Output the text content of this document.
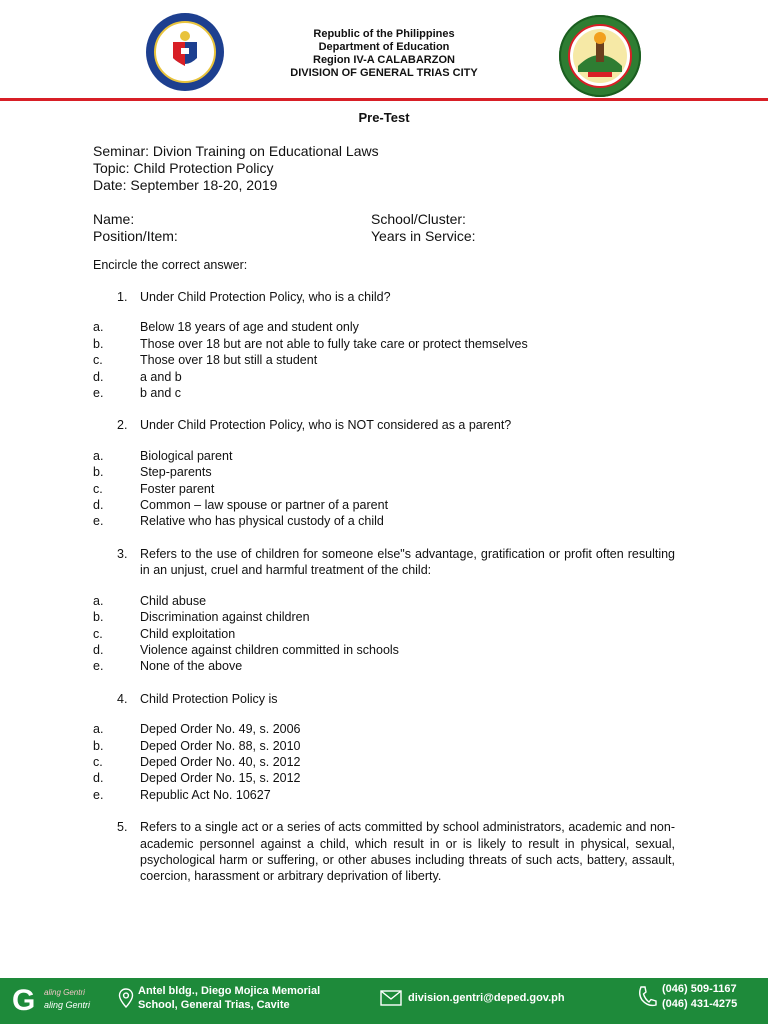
Republic of the Philippines
Department of Education
Region IV-A CALABARZON
DIVISION OF GENERAL TRIAS CITY
Pre-Test
Seminar: Divion Training on Educational Laws
Topic: Child Protection Policy
Date: September 18-20, 2019
Name:
Position/Item:
School/Cluster:
Years in Service:
Encircle the correct answer:
1. Under Child Protection Policy, who is a child?
a.	Below 18 years of age and student only
b.	Those over 18 but are not able to fully take care or protect themselves
c.	Those over 18 but still a student
d.	a and b
e.	b and c
2. Under Child Protection Policy, who is NOT considered as a parent?
a.	Biological parent
b.	Step-parents
c.	Foster parent
d.	Common – law spouse or partner of a parent
e.	Relative who has physical custody of a child
3. Refers to the use of children for someone else"s advantage, gratification or profit often resulting in an unjust, cruel and harmful treatment of the child:
a.	Child abuse
b.	Discrimination against children
c.	Child exploitation
d.	Violence against children committed in schools
e.	None of the above
4. Child Protection Policy is
a.	Deped Order No. 49, s. 2006
b.	Deped Order No. 88, s. 2010
c.	Deped Order No. 40, s. 2012
d.	Deped Order No. 15, s. 2012
e.	Republic Act No. 10627
5. Refers to a single act or a series of acts committed by school administrators, academic and non-academic personnel against a child, which result in or is likely to result in physical, sexual, psychological harm or suffering, or other abuses including threats of such acts, battery, assault, coercion, harassment or arbitrary deprivation of liberty.
G	aling Gentri
aling Gentri
Antel bldg., Diego Mojica Memorial
School, General Trias, Cavite
division.gentri@deped.gov.ph
(046) 509-1167
(046) 431-4275
